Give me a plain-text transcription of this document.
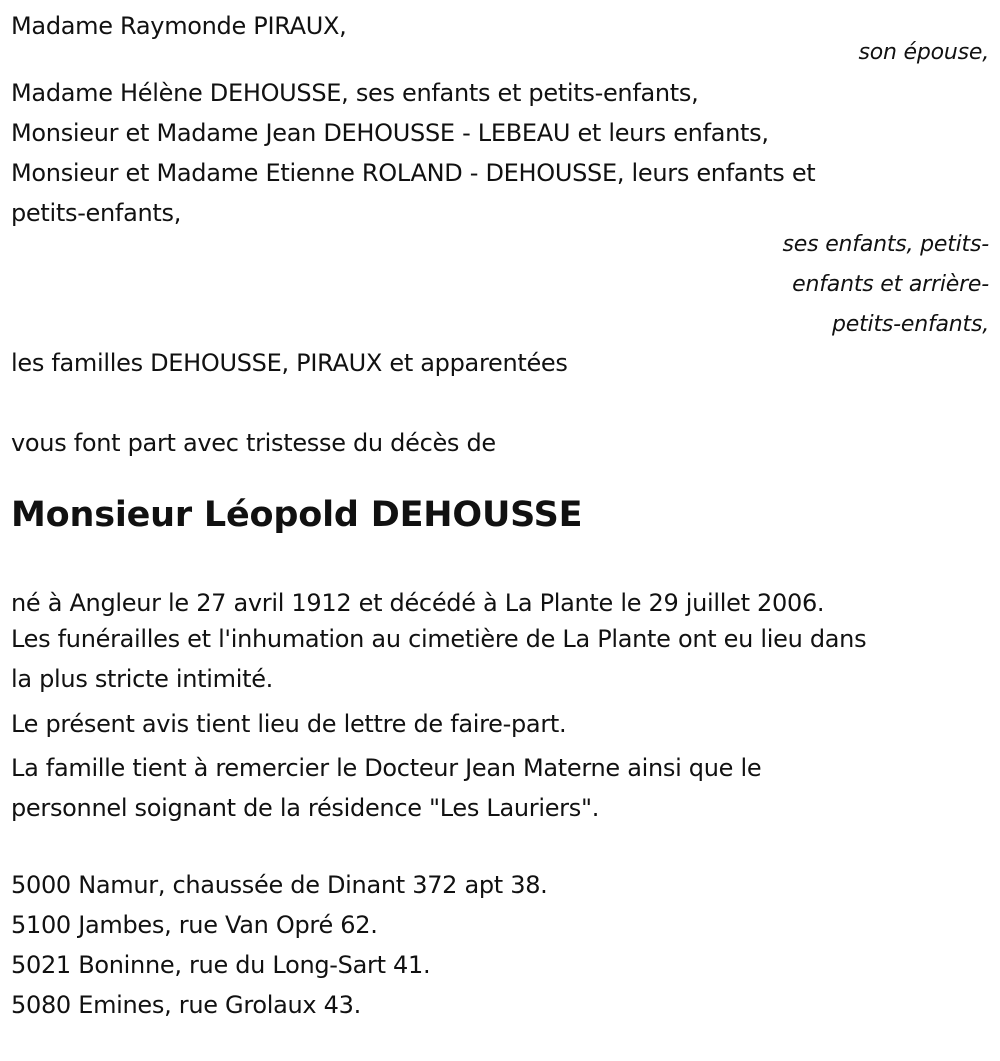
Madame Raymonde PIRAUX,
son épouse,
Madame Hélène DEHOUSSE, ses enfants et petits-enfants,
Monsieur et Madame Jean DEHOUSSE - LEBEAU et leurs enfants,
Monsieur et Madame Etienne ROLAND - DEHOUSSE, leurs enfants et
petits-enfants,
ses enfants, petits-
enfants et arrière-
petits-enfants,
les familles DEHOUSSE, PIRAUX et apparentées
vous font part avec tristesse du décès de
Monsieur Léopold DEHOUSSE
né à Angleur le 27 avril 1912 et décédé à La Plante le 29 juillet 2006.
Les funérailles et l'inhumation au cimetière de La Plante ont eu lieu dans
la plus stricte intimité.
Le présent avis tient lieu de lettre de faire-part.
La famille tient à remercier le Docteur Jean Materne ainsi que le
personnel soignant de la résidence "Les Lauriers".
5000 Namur, chaussée de Dinant 372 apt 38.
5100 Jambes, rue Van Opré 62.
5021 Boninne, rue du Long-Sart 41.
5080 Emines, rue Grolaux 43.
